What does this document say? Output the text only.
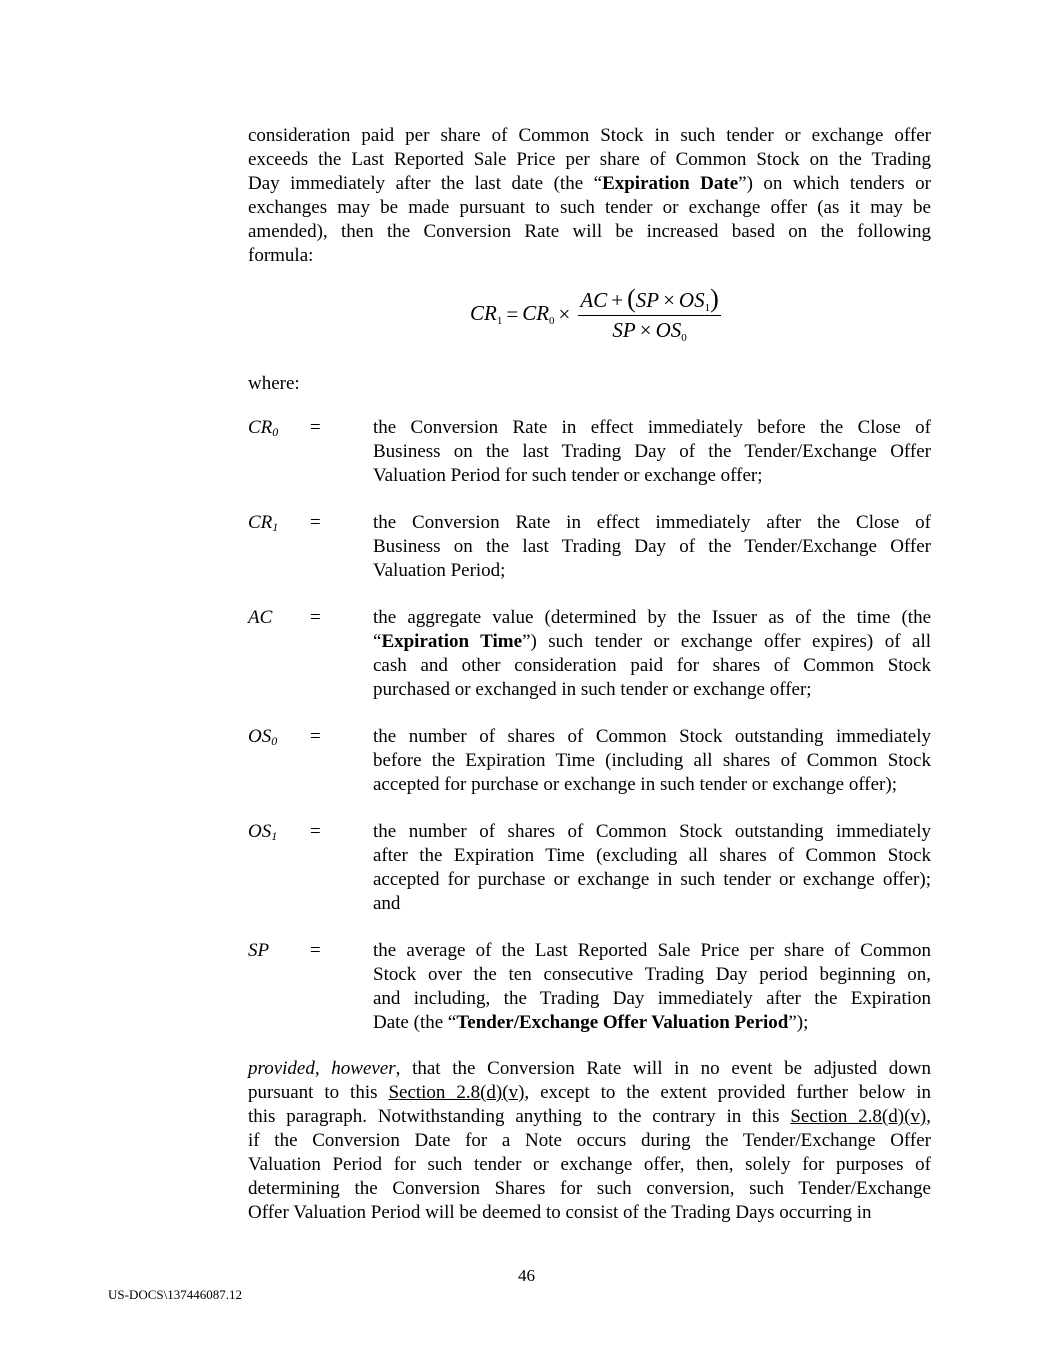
consideration paid per share of Common Stock in such tender or exchange offer
exceeds the Last Reported Sale Price per share of Common Stock on the Trading
Day immediately after the last date (the “Expiration Date”) on which tenders or
exchanges may be made pursuant to such tender or exchange offer (as it may be
amended), then the Conversion Rate will be increased based on the following
formula:
$CR_1 = CR_0 \times \frac{AC + (SP \times OS_1)}{SP \times OS_0}$
where:
$CR_0$ =	the Conversion Rate in effect immediately before the Close of
Business on the last Trading Day of the Tender/Exchange Offer
Valuation Period for such tender or exchange offer;
$CR_1$ =	the Conversion Rate in effect immediately after the Close of
Business on the last Trading Day of the Tender/Exchange Offer
Valuation Period;
AC =	the aggregate value (determined by the Issuer as of the time (the
“Expiration Time”) such tender or exchange offer expires) of all
cash and other consideration paid for shares of Common Stock
purchased or exchanged in such tender or exchange offer;
$OS_0$ =	the number of shares of Common Stock outstanding immediately
before the Expiration Time (including all shares of Common Stock
accepted for purchase or exchange in such tender or exchange offer);
$OS_1$ =	the number of shares of Common Stock outstanding immediately
after the Expiration Time (excluding all shares of Common Stock
accepted for purchase or exchange in such tender or exchange offer);
and
SP =	the average of the Last Reported Sale Price per share of Common
Stock over the ten consecutive Trading Day period beginning on,
and including, the Trading Day immediately after the Expiration
Date (the “Tender/Exchange Offer Valuation Period”);
provided, however, that the Conversion Rate will in no event be adjusted down
pursuant to this Section 2.8(d)(v), except to the extent provided further below in
this paragraph. Notwithstanding anything to the contrary in this Section 2.8(d)(v),
if the Conversion Date for a Note occurs during the Tender/Exchange Offer
Valuation Period for such tender or exchange offer, then, solely for purposes of
determining the Conversion Shares for such conversion, such Tender/Exchange
Offer Valuation Period will be deemed to consist of the Trading Days occurring in
46
US-DOCS\137446087.12
